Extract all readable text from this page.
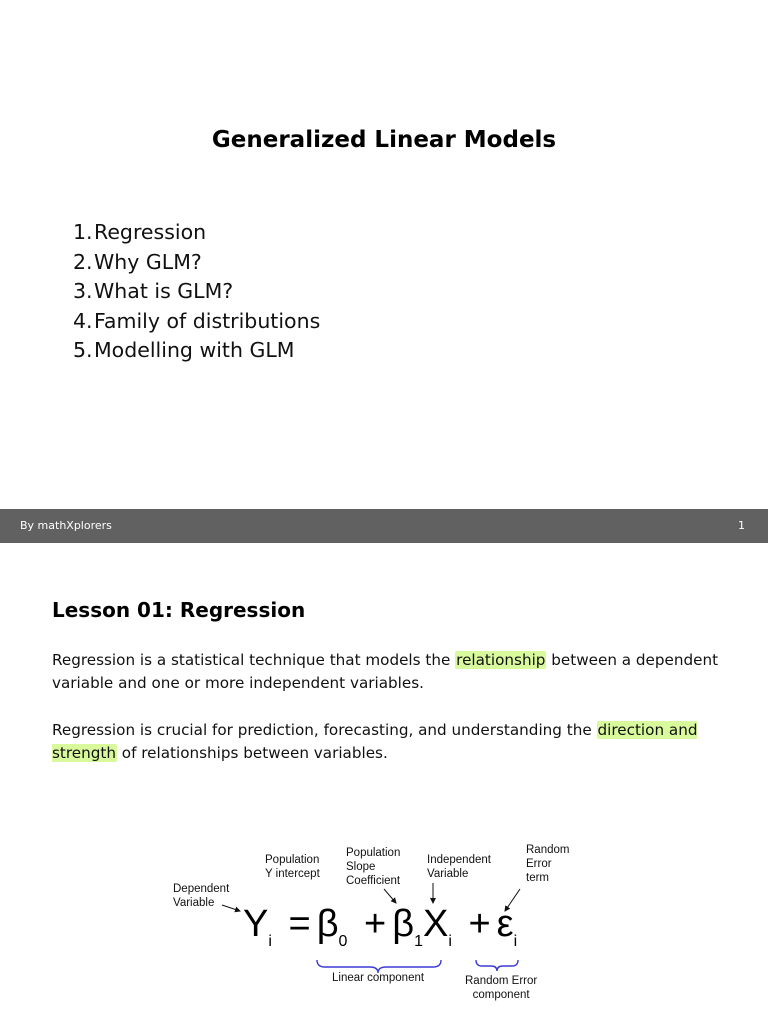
Generalized Linear Models
1.Regression
2.Why GLM?
3.What is GLM?
4.Family of distributions
5.Modelling with GLM
By mathXplorers	1
Lesson 01: Regression

Regression is a statistical technique that models the relationship between a dependent variable and one or more independent variables.

Regression is crucial for prediction, forecasting, and understanding the direction and strength of relationships between variables.

Dependent
Variable
Population
Y intercept
Population
Slope
Coefficient
Independent
Variable
Random
Error
term
$Y_i = \beta_0 + \beta_1X_i + \varepsilon_i$
Linear component	Random Error
component
